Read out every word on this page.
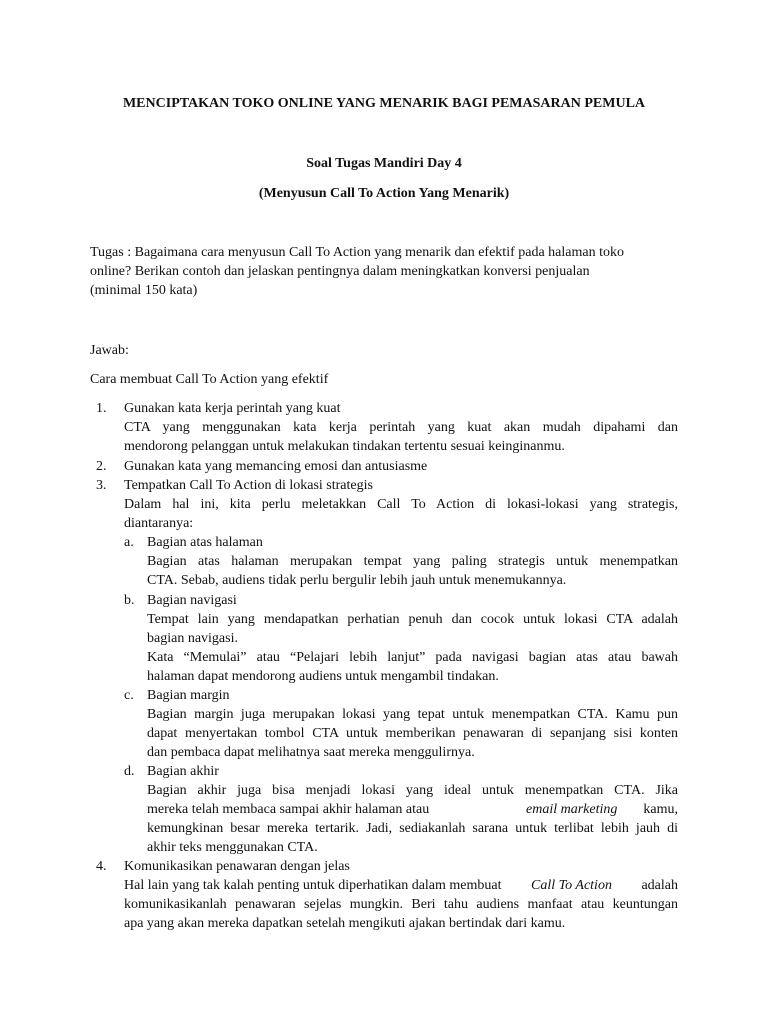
MENCIPTAKAN TOKO ONLINE YANG MENARIK BAGI PEMASARAN PEMULA
Soal Tugas Mandiri Day 4
(Menyusun Call To Action Yang Menarik)
Tugas : Bagaimana cara menyusun Call To Action yang menarik dan efektif pada halaman toko
online? Berikan contoh dan jelaskan pentingnya dalam meningkatkan konversi penjualan
(minimal 150 kata)
Jawab:
Cara membuat Call To Action yang efektif
1. Gunakan kata kerja perintah yang kuat
CTA yang menggunakan kata kerja perintah yang kuat akan mudah dipahami dan
mendorong pelanggan untuk melakukan tindakan tertentu sesuai keinginanmu.
2. Gunakan kata yang memancing emosi dan antusiasme
3. Tempatkan Call To Action di lokasi strategis
Dalam hal ini, kita perlu meletakkan Call To Action di lokasi-lokasi yang strategis,
diantaranya:
a. Bagian atas halaman
Bagian atas halaman merupakan tempat yang paling strategis untuk menempatkan
CTA. Sebab, audiens tidak perlu bergulir lebih jauh untuk menemukannya.
b. Bagian navigasi
Tempat lain yang mendapatkan perhatian penuh dan cocok untuk lokasi CTA adalah
bagian navigasi.
Kata “Memulai” atau “Pelajari lebih lanjut” pada navigasi bagian atas atau bawah
halaman dapat mendorong audiens untuk mengambil tindakan.
c. Bagian margin
Bagian margin juga merupakan lokasi yang tepat untuk menempatkan CTA. Kamu pun
dapat menyertakan tombol CTA untuk memberikan penawaran di sepanjang sisi konten
dan pembaca dapat melihatnya saat mereka menggulirnya.
d. Bagian akhir
Bagian akhir juga bisa menjadi lokasi yang ideal untuk menempatkan CTA. Jika
mereka telah membaca sampai akhir halaman atau	email marketing kamu,
kemungkinan besar mereka tertarik. Jadi, sediakanlah sarana untuk terlibat lebih jauh di
akhir teks menggunakan CTA.
4. Komunikasikan penawaran dengan jelas
Hal lain yang tak kalah penting untuk diperhatikan dalam membuat Call To Action adalah
komunikasikanlah penawaran sejelas mungkin. Beri tahu audiens manfaat atau keuntungan
apa yang akan mereka dapatkan setelah mengikuti ajakan bertindak dari kamu.
